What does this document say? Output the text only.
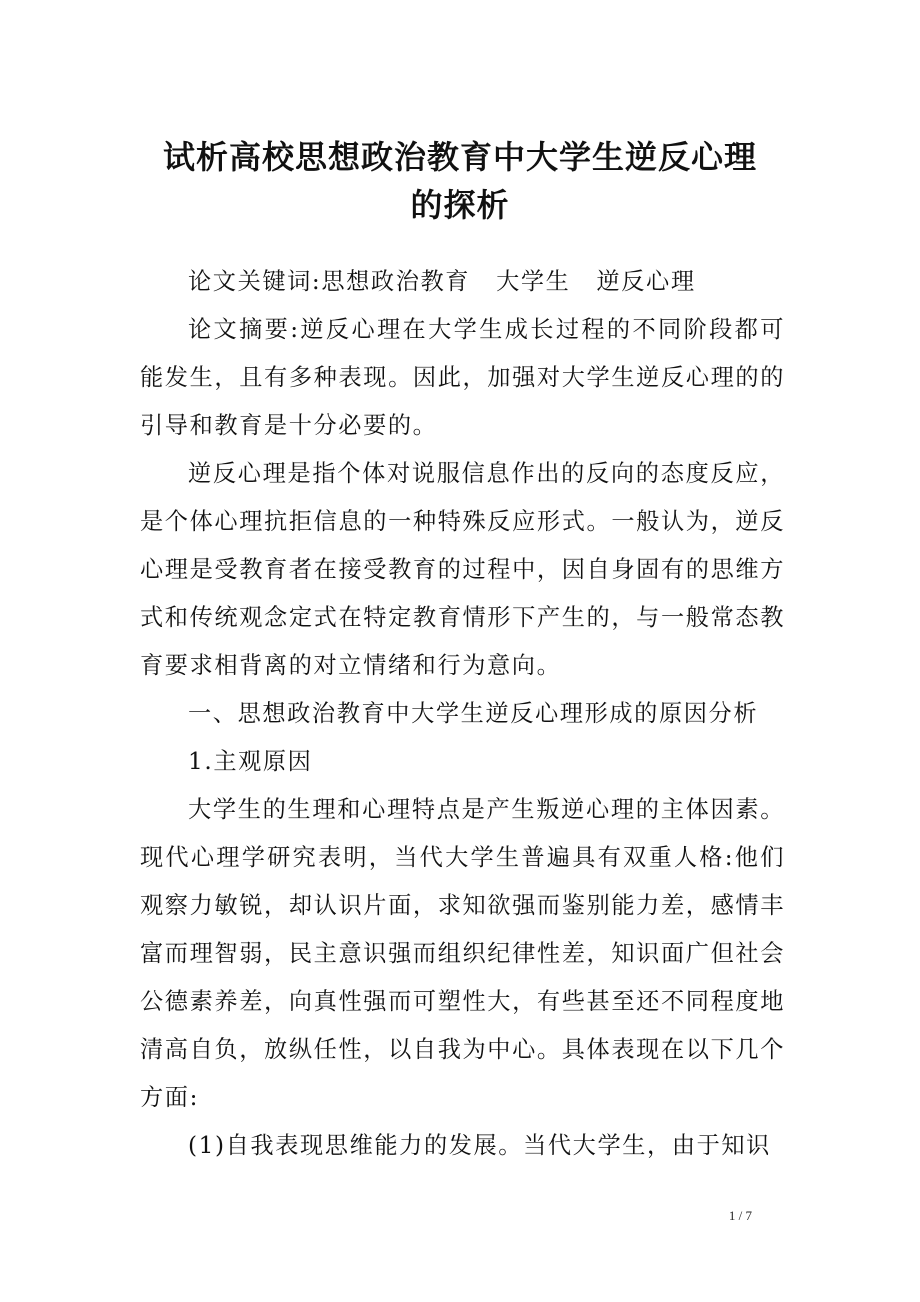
试析高校思想政治教育中大学生逆反心理
的探析

论文关键词:思想政治教育 大学生 逆反心理

论文摘要:逆反心理在大学生成长过程的不同阶段都可能发生，且有多种表现。因此，加强对大学生逆反心理的的引导和教育是十分必要的。

逆反心理是指个体对说服信息作出的反向的态度反应，是个体心理抗拒信息的一种特殊反应形式。一般认为，逆反心理是受教育者在接受教育的过程中，因自身固有的思维方式和传统观念定式在特定教育情形下产生的，与一般常态教育要求相背离的对立情绪和行为意向。

一、思想政治教育中大学生逆反心理形成的原因分析

1.主观原因

大学生的生理和心理特点是产生叛逆心理的主体因素。现代心理学研究表明，当代大学生普遍具有双重人格:他们观察力敏锐，却认识片面，求知欲强而鉴别能力差，感情丰富而理智弱，民主意识强而组织纪律性差，知识面广但社会公德素养差，向真性强而可塑性大，有些甚至还不同程度地清高自负，放纵任性，以自我为中心。具体表现在以下几个方面:

(1)自我表现思维能力的发展。当代大学生，由于知识

1 / 7
